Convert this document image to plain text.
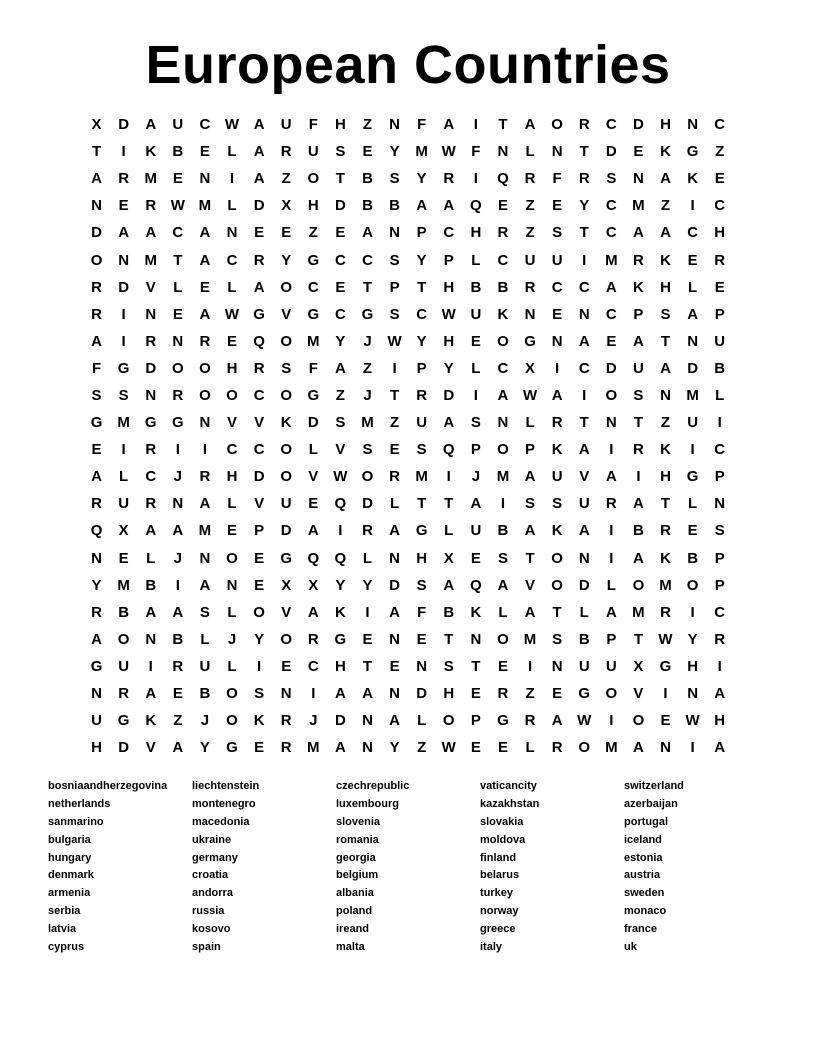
European Countries
X	D	A	U	C W A	U	F	H	Z	N	F	A	I	T	A	O	R	C	D	H	N	C
T	I	K	B	E	L	A	R	U	S	E	Y	M W	F	N	L	N	T	D	E	K	G	Z
A	R	M	E	N	I	A	Z	O	T	B	S	Y	R	I	Q	R	F	R	S	N	A	K	E
N	E	R W M	L	D	X	H	D	B	B	A	A	Q	E	Z	E	Y	C	M	Z	I	C
D	A	A	C	A	N	E	E	Z	E	A	N	P	C	H	R	Z	S	T	C	A	A	C	H
O	N	M	T	A	C	R	Y	G	C	C	S	Y	P	L	C	U	U	I	M	R	K	E	R
R	D	V	L	E	L	A	O	C	E	T	P	T	H	B	B	R	C	C	A	K	H	L	E
R	I	N	E	A W G	V	G	C	G	S	C W U	K	N	E	N	C	P	S	A	P
A	I	R	N	R	E	Q	O	M	Y	J	W	Y	H	E	O	G	N	A	E	A	T	N	U
F	G	D	O	O	H	R	S	F	A	Z	I	P	Y	L	C	X	I	C	D	U	A	D	B
S	S	N	R	O	O	C	O	G	Z	J	T	R	D	I	A W A	I	O	S	N	M	L
G	M	G	G	N	V	V	K	D	S	M	Z	U	A	S	N	L	R	T	N	T	Z	U	I
E	I	R	I	I	C	C	O	L	V	S	E	S	Q	P	O	P	K	A	I	R	K	I	C
A	L	C	J	R	H	D	O	V	W O	R	M	I	J	M	A	U	V	A	I	H	G	P
R	U	R	N	A	L	V	U	E	Q	D	L	T	T	A	I	S	S	U	R	A	T	L	N
Q	X	A	A	M	E	P	D	A	I	R	A	G	L	U	B	A	K	A	I	B	R	E	S
N	E	L	J	N	O	E	G	Q	Q	L	N	H	X	E	S	T	O	N	I	A	K	B	P
Y	M	B	I	A	N	E	X	X	Y	Y	D	S	A	Q	A	V	O	D	L	O	M	O	P
R	B	A	A	S	L	O	V	A	K	I	A	F	B	K	L	A	T	L	A	M	R	I	C
A	O	N	B	L	J	Y	O	R	G	E	N	E	T	N	O	M	S	B	P	T	W	Y	R
G	U	I	R	U	L	I	E	C	H	T	E	N	S	T	E	I	N	U	U	X	G	H	I
N	R	A	E	B	O	S	N	I	A	A	N	D	H	E	R	Z	E	G	O	V	I	N	A
U	G	K	Z	J	O	K	R	J	D	N	A	L	O	P	G	R	A W	I	O	E	W H
H	D	V	A	Y	G	E	R	M	A	N	Y	Z	W	E	E	L	R	O	M	A	N	I	A
bosniaandherzegovina
netherlands
sanmarino
bulgaria
hungary
denmark
armenia
serbia
latvia
cyprus
liechtenstein
montenegro
macedonia
ukraine
germany
croatia
andorra
russia
kosovo
spain
czechrepublic
luxembourg
slovenia
romania
georgia
belgium
albania
poland
ireand
malta
vaticancity
kazakhstan
slovakia
moldova
finland
belarus
turkey
norway
greece
italy
switzerland
azerbaijan
portugal
iceland
estonia
austria
sweden
monaco
france
uk
